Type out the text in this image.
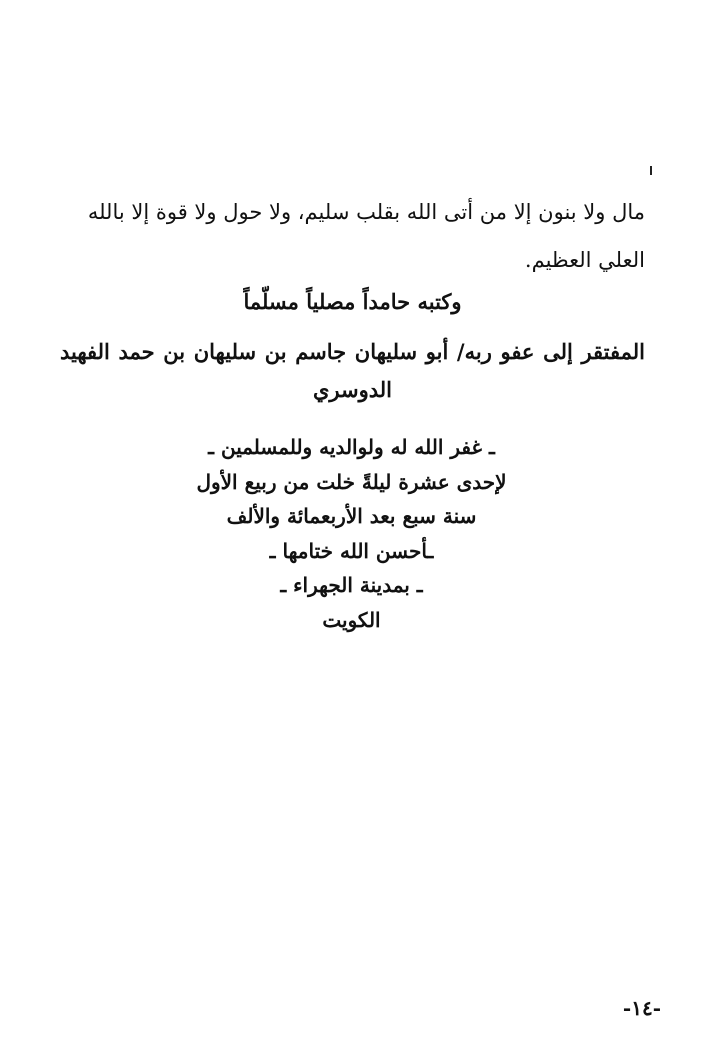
مال ولا بنون إلا من أتى الله بقلب سليم، ولا حول ولا قوة إلا بالله
العلي العظيم.
وكتبه حامداً مصلياً مسلّماً
المفتقر إلى عفو ربه/ أبو سليهان جاسم بن سليهان بن حمد الفهيد
الدوسري
ـ غفر الله له ولوالديه وللمسلمين ـ
لإحدى عشرة ليلةً خلت من ربيع الأول
سنة سبع بعد الأربعمائة والألف
ـأحسن الله ختامها ـ
ـ بمدينة الجهراء ـ
الكويت
-١٤-
